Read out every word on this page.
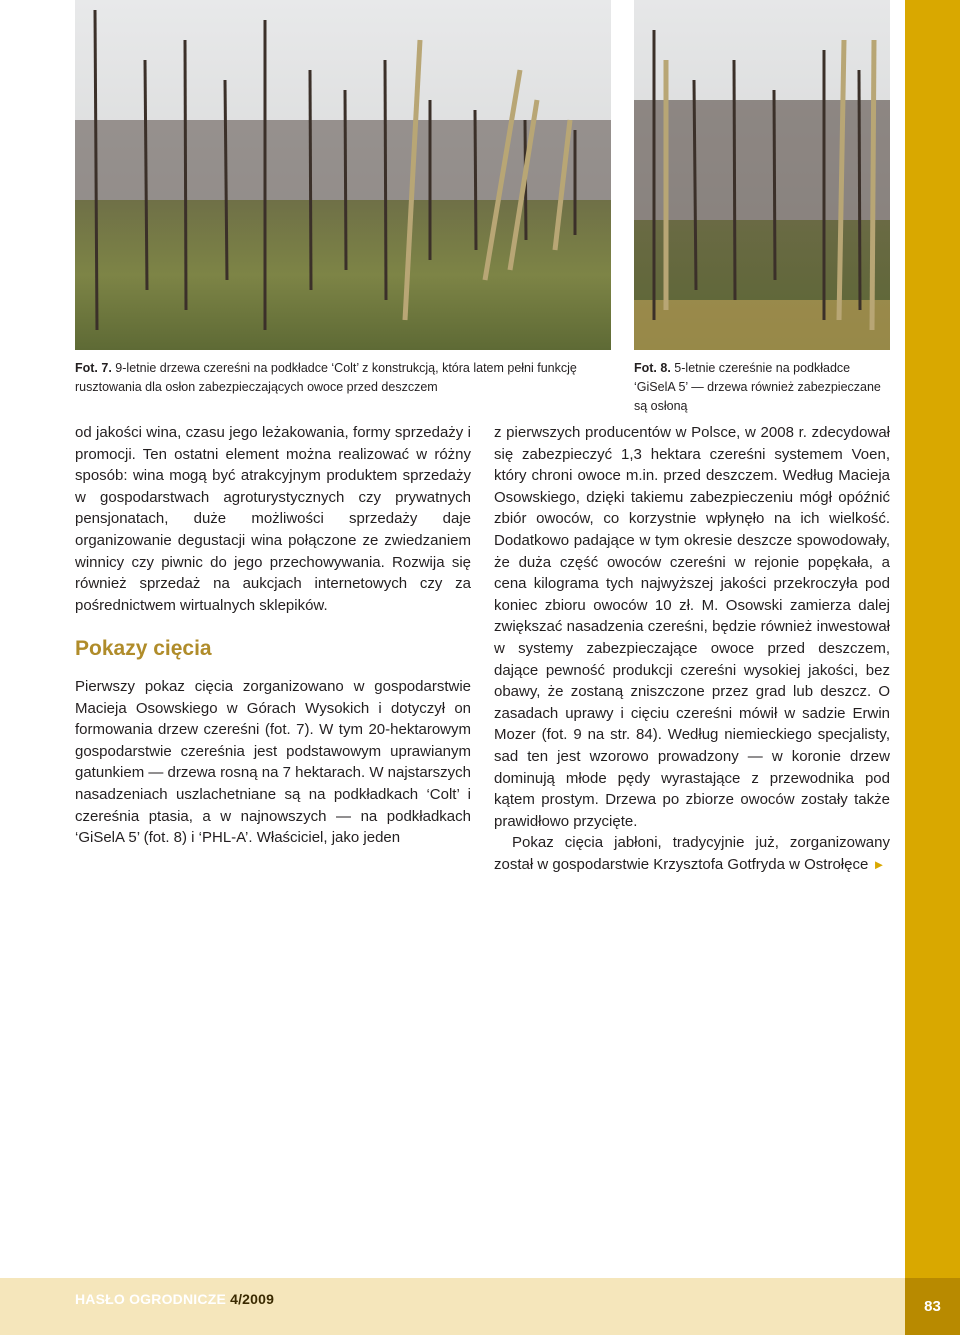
Fot. 7. 9-letnie drzewa czereśni na podkładce ‘Colt’ z konstrukcją, która latem pełni funkcję rusztowania dla osłon zabezpieczających owoce przed deszczem
Fot. 8. 5-letnie czereśnie na podkładce ‘GiSelA 5’ — drzewa również zabezpieczane są osłoną

od jakości wina, czasu jego leżakowania, formy sprzedaży i promocji. Ten ostatni element można realizować w różny sposób: wina mogą być atrakcyjnym produktem sprzedaży w gospodarstwach agroturystycznych czy prywatnych pensjonatach, duże możliwości sprzedaży daje organizowanie degustacji wina połączone ze zwiedzaniem winnicy czy piwnic do jego przechowywania. Rozwija się również sprzedaż na aukcjach internetowych czy za pośrednictwem wirtualnych sklepików.

Pokazy cięcia

Pierwszy pokaz cięcia zorganizowano w gospodarstwie Macieja Osowskiego w Górach Wysokich i dotyczył on formowania drzew czereśni (fot. 7). W tym 20-hektarowym gospodarstwie czereśnia jest podstawowym uprawianym gatunkiem — drzewa rosną na 7 hektarach. W najstarszych nasadzeniach uszlachetniane są na podkładkach ‘Colt’ i czereśnia ptasia, a w najnowszych — na podkładkach ‘GiSelA 5’ (fot. 8) i ‘PHL-A’. Właściciel, jako jeden

z pierwszych producentów w Polsce, w 2008 r. zdecydował się zabezpieczyć 1,3 hektara czereśni systemem Voen, który chroni owoce m.in. przed deszczem. Według Macieja Osowskiego, dzięki takiemu zabezpieczeniu mógł opóźnić zbiór owoców, co korzystnie wpłynęło na ich wielkość. Dodatkowo padające w tym okresie deszcze spowodowały, że duża część owoców czereśni w rejonie popękała, a cena kilograma tych najwyższej jakości przekroczyła pod koniec zbioru owoców 10 zł. M. Osowski zamierza dalej zwiększać nasadzenia czereśni, będzie również inwestował w systemy zabezpieczające owoce przed deszczem, dające pewność produkcji czereśni wysokiej jakości, bez obawy, że zostaną zniszczone przez grad lub deszcz. O zasadach uprawy i cięciu czereśni mówił w sadzie Erwin Mozer (fot. 9 na str. 84). Według niemieckiego specjalisty, sad ten jest wzorowo prowadzony — w koronie drzew dominują młode pędy wyrastające z przewodnika pod kątem prostym. Drzewa po zbiorze owoców zostały także prawidłowo przycięte.

Pokaz cięcia jabłoni, tradycyjnie już, zorganizowany został w gospodarstwie Krzysztofa Gotfryda w Ostrołęce ►

HASŁO OGRODNICZE 4/2009	83
